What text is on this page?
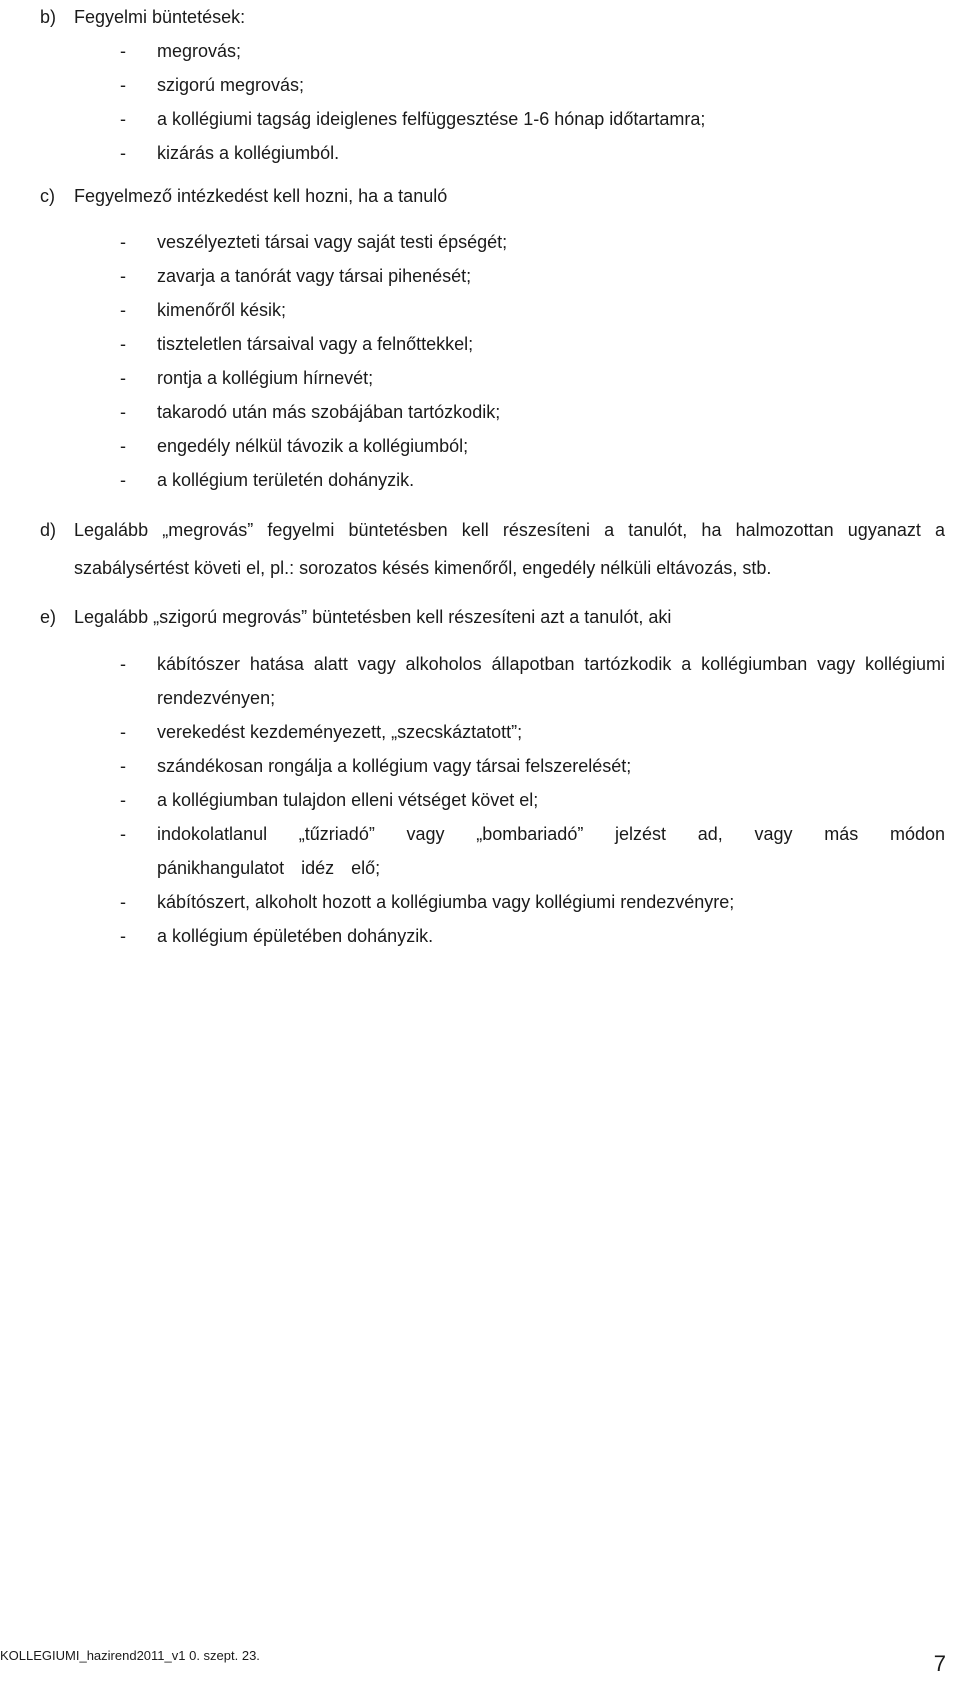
b) Fegyelmi büntetések:
-	megrovás;
-	szigorú megrovás;
-	a kollégiumi tagság ideiglenes felfüggesztése 1-6 hónap időtartamra;
-	kizárás a kollégiumból.
c)	Fegyelmező intézkedést kell hozni, ha a tanuló
-	veszélyezteti társai vagy saját testi épségét;
-	zavarja a tanórát vagy társai pihenését;
-	kimenőről késik;
-	tiszteletlen társaival vagy a felnőttekkel;
-	rontja a kollégium hírnevét;
-	takarodó után más szobájában tartózkodik;
-	engedély nélkül távozik a kollégiumból;
-	a kollégium területén dohányzik.
d) Legalább „megrovás” fegyelmi büntetésben kell részesíteni a tanulót, ha halmozottan ugyanazt a szabálysértést követi el, pl.: sorozatos késés kimenőről, engedély nélküli eltávozás, stb.
e) Legalább „szigorú megrovás” büntetésben kell részesíteni azt a tanulót, aki
-	kábítószer hatása alatt vagy alkoholos állapotban tartózkodik a kollégiumban vagy kollégiumi rendezvényen;
-	verekedést kezdeményezett, „szecskáztatott”;
-	szándékosan rongálja a kollégium vagy társai felszerelését;
-	a kollégiumban tulajdon elleni vétséget követ el;
-	indokolatlanul „tűzriadó” vagy „bombariadó” jelzést ad, vagy más módon pánikhangulatot idéz elő;
-	kábítószert, alkoholt hozott a kollégiumba vagy kollégiumi rendezvényre;
-	a kollégium épületében dohányzik.
KOLLEGIUMI_hazirend2011_v1 0. szept. 23.	7
